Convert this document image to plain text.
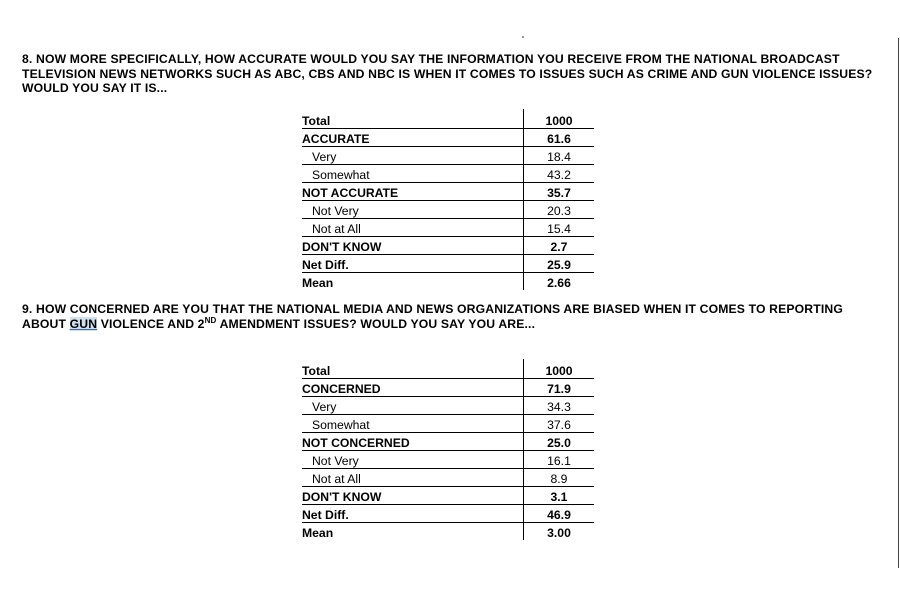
8. NOW MORE SPECIFICALLY, HOW ACCURATE WOULD YOU SAY THE INFORMATION YOU RECEIVE FROM THE NATIONAL BROADCAST TELEVISION NEWS NETWORKS SUCH AS ABC, CBS AND NBC IS WHEN IT COMES TO ISSUES SUCH AS CRIME AND GUN VIOLENCE ISSUES? WOULD YOU SAY IT IS...

Total	1000
ACCURATE	61.6
Very	18.4
Somewhat	43.2
NOT ACCURATE	35.7
Not Very	20.3
Not at All	15.4
DON'T KNOW	2.7
Net Diff.	25.9
Mean	2.66

9. HOW CONCERNED ARE YOU THAT THE NATIONAL MEDIA AND NEWS ORGANIZATIONS ARE BIASED WHEN IT COMES TO REPORTING ABOUT GUN VIOLENCE AND 2ND AMENDMENT ISSUES? WOULD YOU SAY YOU ARE...

Total	1000
CONCERNED	71.9
Very	34.3
Somewhat	37.6
NOT CONCERNED	25.0
Not Very	16.1
Not at All	8.9
DON'T KNOW	3.1
Net Diff.	46.9
Mean	3.00
